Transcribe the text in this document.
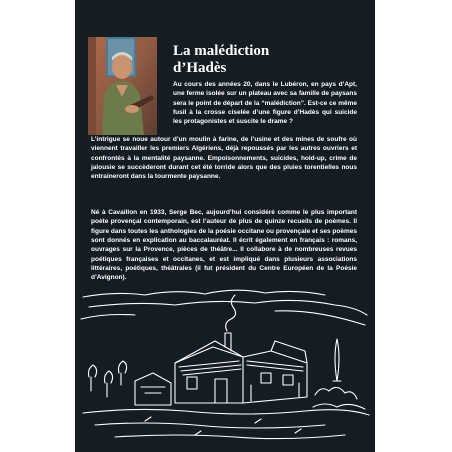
La malédiction
d’Hadès
Au cours des années 20, dans le Lubéron, en pays d’Apt, une ferme isolée sur un plateau avec sa famille de paysans sera le point de départ de la “malédiction”. Est-ce ce même fusil à la crosse ciselée d’une figure d’Hadès qui suicide les protagonistes et suscite le drame ?
L’intrigue se noue autour d’un moulin à farine, de l’usine et des mines de soufre où viennent travailler les premiers Algériens, déjà repoussés par les autres ouvriers et confrontés à la mentalité paysanne. Empoisonnements, suicides, hold-up, crime de jalousie se succèderont durant cet été torride alors que des pluies torentielles nous entraineront dans la tourmente paysanne.
Né à Cavaillon en 1933, Serge Bec, aujourd’hui considéré comme le plus important poète provençal contemporain, est l’auteur de plus de quinze recueils de poèmes. Il figure dans toutes les anthologies de la poésie occitane ou provençale et ses poèmes sont donnés en explication au baccalauréat. Il écrit également en français : romans, ouvrages sur la Provence, pièces de théâtre... Il collabore à de nombreuses revues poétiques françaises et occitanes, et est impliqué dans plusieurs associations littéraires, poétiques, théâtrales (il fut président du Centre Européen de la Poésie d’Avignon).
